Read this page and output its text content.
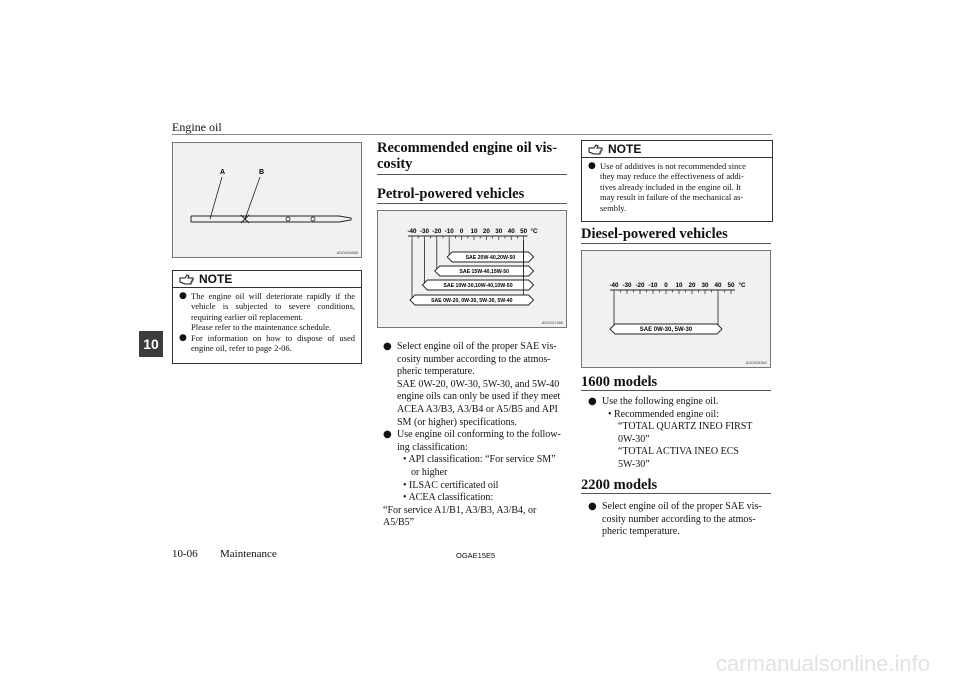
Engine oil
10
A	B
AG0024686
NOTE
● The engine oil will deteriorate rapidly if the vehicle is subjected to severe conditions, requiring earlier oil replacement.
Please refer to the maintenance schedule.
● For information on how to dispose of used engine oil, refer to page 2-06.
Recommended engine oil vis-
cosity
Petrol-powered vehicles
-40 -30 -20 -10 0 10 20 30 40 50 °C
SAE 20W-40,20W-50
SAE 15W-40,15W-50
SAE 10W-30,10W-40,10W-50
SAE 0W-20, 0W-30, 5W-30, 5W-40
AG0021386
● Select engine oil of the proper SAE vis-
cosity number according to the atmos-
pheric temperature.
SAE 0W-20, 0W-30, 5W-30, and 5W-40
engine oils can only be used if they meet
ACEA A3/B3, A3/B4 or A5/B5 and API
SM (or higher) specifications.
● Use engine oil conforming to the follow-
ing classification:
• API classification: “For service SM”
or higher
• ILSAC certificated oil
• ACEA classification:
“For service A1/B1, A3/B3, A3/B4, or
A5/B5”
NOTE
● Use of additives is not recommended since
they may reduce the effectiveness of addi-
tives already included in the engine oil. It
may result in failure of the mechanical as-
sembly.
Diesel-powered vehicles
-40 -30 -20 -10 0 10 20 30 40 50 °C
SAE 0W-30, 5W-30
AG0025384
1600 models
● Use the following engine oil.
• Recommended engine oil:
“TOTAL QUARTZ INEO FIRST
0W-30”
“TOTAL ACTIVA INEO ECS
5W-30”
2200 models
● Select engine oil of the proper SAE vis-
cosity number according to the atmos-
pheric temperature.
10-06 Maintenance	OGAE15E5
carmanualsonline.info
